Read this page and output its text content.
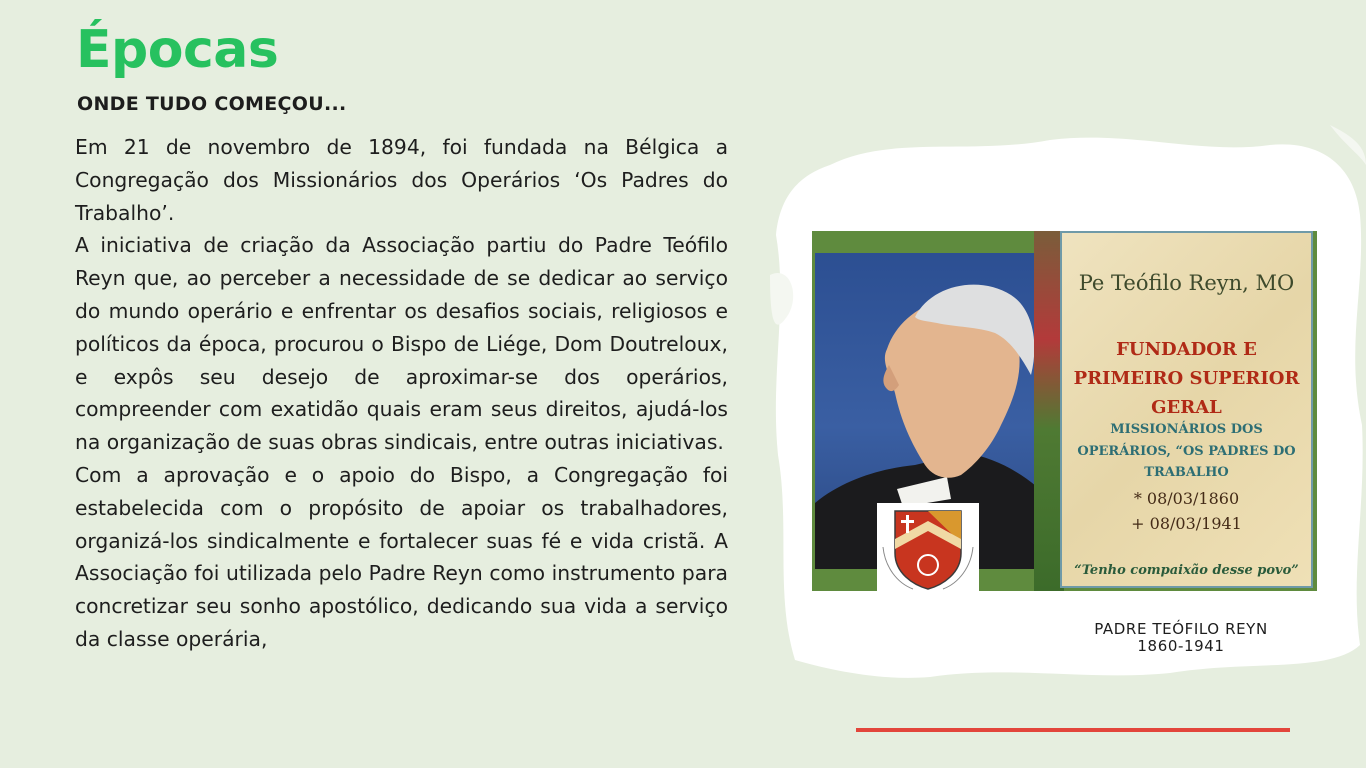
Épocas
ONDE TUDO COMEÇOU...

Em 21 de novembro de 1894, foi fundada na Bélgica a Congregação dos Missionários dos Operários ‘Os Padres do Trabalho’.

A iniciativa de criação da Associação partiu do Padre Teófilo Reyn que, ao perceber a necessidade de se dedicar ao serviço do mundo operário e enfrentar os desafios sociais, religiosos e políticos da época, procurou o Bispo de Liége, Dom Doutreloux, e expôs seu desejo de aproximar-se dos operários, compreender com exatidão quais eram seus direitos, ajudá-los na organização de suas obras sindicais, entre outras iniciativas.

Com a aprovação e o apoio do Bispo, a Congregação foi estabelecida com o propósito de apoiar os trabalhadores, organizá-los sindicalmente e fortalecer suas fé e vida cristã. A Associação foi utilizada pelo Padre Reyn como instrumento para concretizar seu sonho apostólico, dedicando sua vida a serviço da classe operária,

Pe Teófilo Reyn, MO
FUNDADOR E
PRIMEIRO SUPERIOR
GERAL
MISSIONÁRIOS DOS
OPERÁRIOS, “OS PADRES DO
TRABALHO
* 08/03/1860
+ 08/03/1941
“Tenho compaixão desse povo”
PADRE TEÓFILO REYN
1860-1941
